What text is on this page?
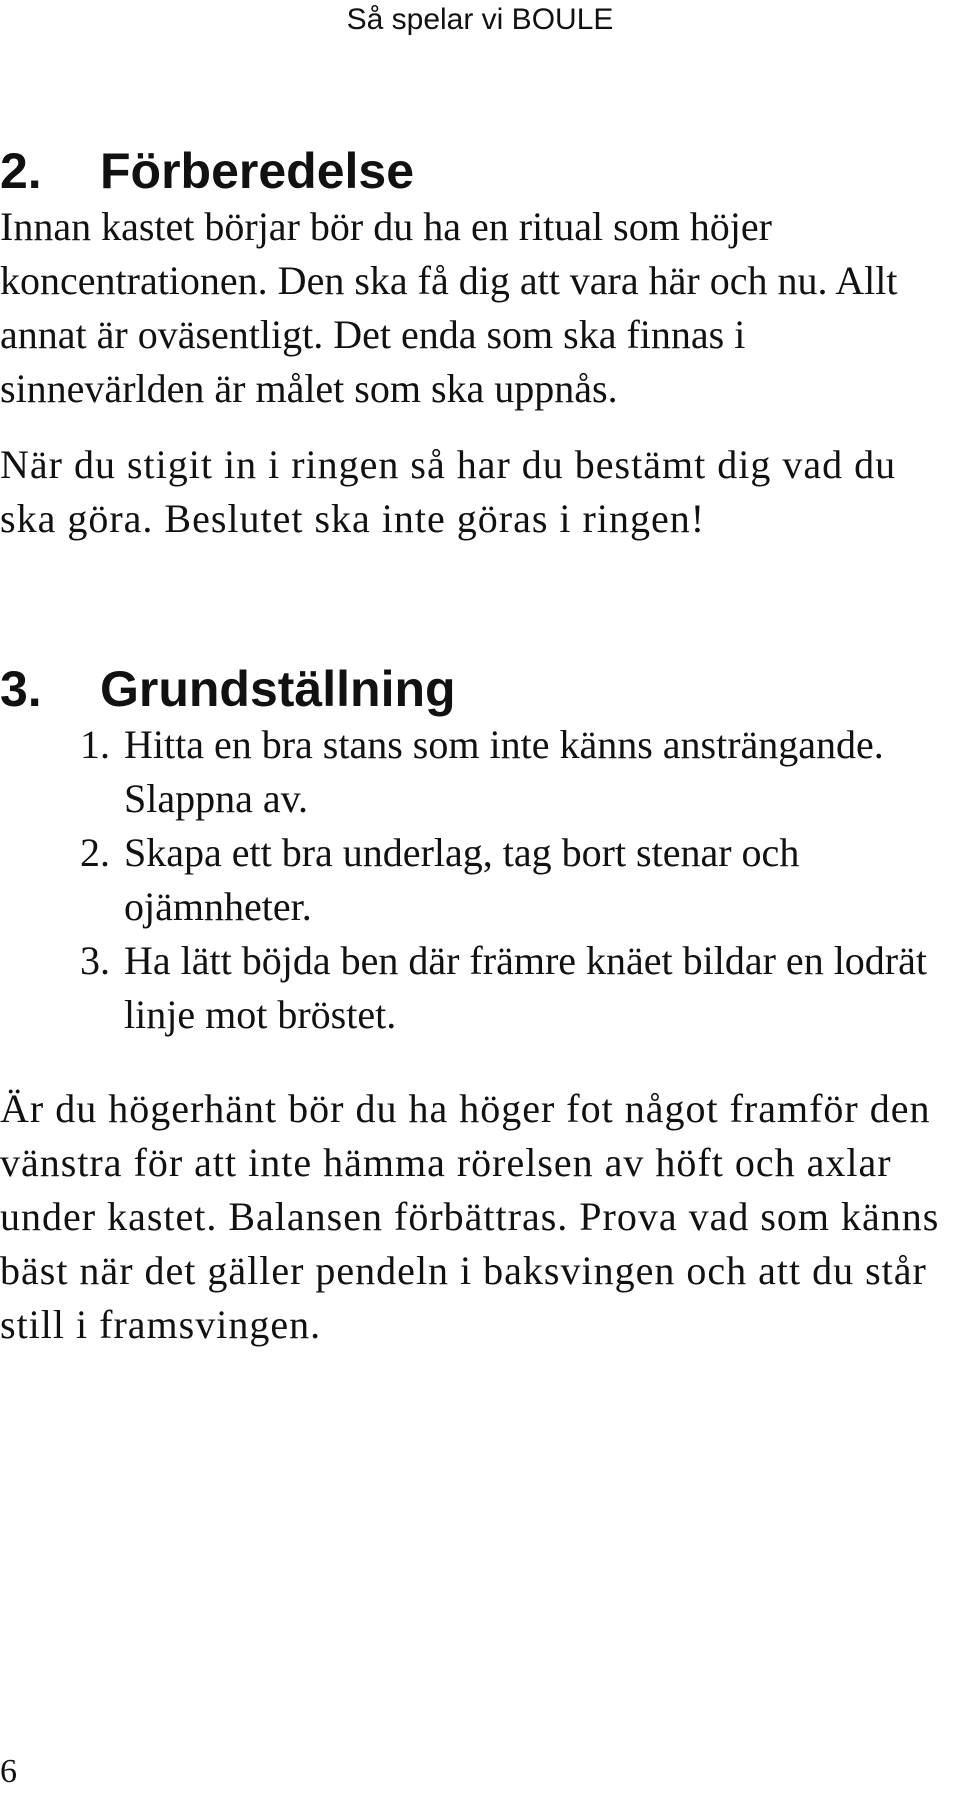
Så spelar vi BOULE
2.	Förberedelse

Innan kastet börjar bör du ha en ritual som höjer koncentrationen. Den ska få dig att vara här och nu. Allt annat är oväsentligt. Det enda som ska finnas i sinnevärlden är målet som ska uppnås.

När du stigit in i ringen så har du bestämt dig vad du ska göra. Beslutet ska inte göras i ringen!

3.	Grundställning
1. Hitta en bra stans som inte känns ansträngande. Slappna av.
2. Skapa ett bra underlag, tag bort stenar och ojämnheter.
3. Ha lätt böjda ben där främre knäet bildar en lodrät linje mot bröstet.

Är du högerhänt bör du ha höger fot något framför den vänstra för att inte hämma rörelsen av höft och axlar under kastet. Balansen förbättras. Prova vad som känns bäst när det gäller pendeln i baksvingen och att du står still i framsvingen.

6
